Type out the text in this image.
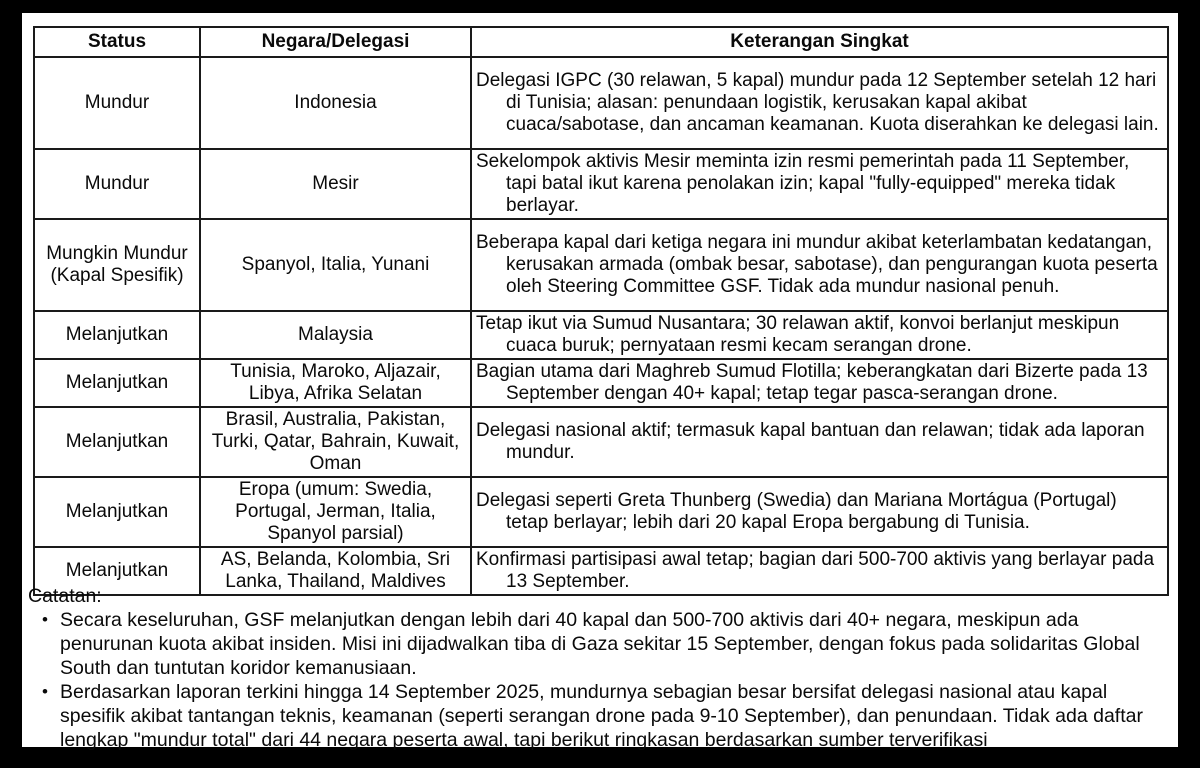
Status	Negara/Delegasi	Keterangan Singkat
Mundur	Indonesia	Delegasi IGPC (30 relawan, 5 kapal) mundur pada 12 September setelah 12 hari di Tunisia; alasan: penundaan logistik, kerusakan kapal akibat cuaca/sabotase, dan ancaman keamanan. Kuota diserahkan ke delegasi lain.
Mundur	Mesir	Sekelompok aktivis Mesir meminta izin resmi pemerintah pada 11 September, tapi batal ikut karena penolakan izin; kapal "fully-equipped" mereka tidak berlayar.
Mungkin Mundur (Kapal Spesifik)	Spanyol, Italia, Yunani	Beberapa kapal dari ketiga negara ini mundur akibat keterlambatan kedatangan, kerusakan armada (ombak besar, sabotase), dan pengurangan kuota peserta oleh Steering Committee GSF. Tidak ada mundur nasional penuh.
Melanjutkan	Malaysia	Tetap ikut via Sumud Nusantara; 30 relawan aktif, konvoi berlanjut meskipun cuaca buruk; pernyataan resmi kecam serangan drone.
Melanjutkan	Tunisia, Maroko, Aljazair, Libya, Afrika Selatan	Bagian utama dari Maghreb Sumud Flotilla; keberangkatan dari Bizerte pada 13 September dengan 40+ kapal; tetap tegar pasca-serangan drone.
Melanjutkan	Brasil, Australia, Pakistan, Turki, Qatar, Bahrain, Kuwait, Oman	Delegasi nasional aktif; termasuk kapal bantuan dan relawan; tidak ada laporan mundur.
Melanjutkan	Eropa (umum: Swedia, Portugal, Jerman, Italia, Spanyol parsial)	Delegasi seperti Greta Thunberg (Swedia) dan Mariana Mortágua (Portugal) tetap berlayar; lebih dari 20 kapal Eropa bergabung di Tunisia.
Melanjutkan	AS, Belanda, Kolombia, Sri Lanka, Thailand, Maldives	Konfirmasi partisipasi awal tetap; bagian dari 500-700 aktivis yang berlayar pada 13 September.
Catatan:
• Secara keseluruhan, GSF melanjutkan dengan lebih dari 40 kapal dan 500-700 aktivis dari 40+ negara, meskipun ada penurunan kuota akibat insiden. Misi ini dijadwalkan tiba di Gaza sekitar 15 September, dengan fokus pada solidaritas Global South dan tuntutan koridor kemanusiaan.
• Berdasarkan laporan terkini hingga 14 September 2025, mundurnya sebagian besar bersifat delegasi nasional atau kapal spesifik akibat tantangan teknis, keamanan (seperti serangan drone pada 9-10 September), dan penundaan. Tidak ada daftar lengkap "mundur total" dari 44 negara peserta awal, tapi berikut ringkasan berdasarkan sumber terverifikasi
